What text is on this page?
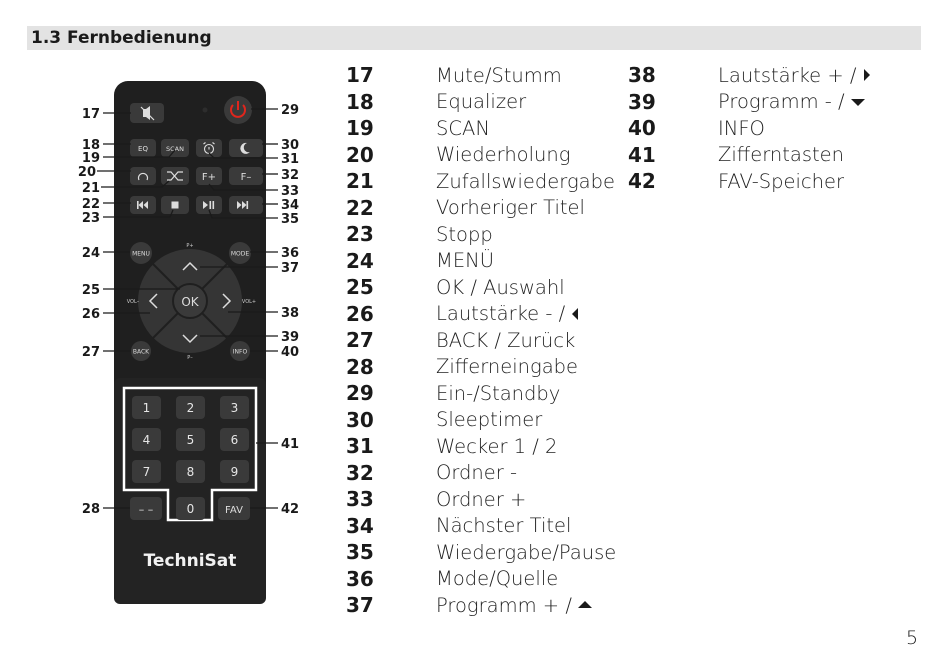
1.3 Fernbedienung
EQ	SCAN
F+ F–
MENU	MODE
OK
P+
P–
VOL–	VOL+
BACK	INFO
1	2	3
4	5	6
7	8	9
0
– –	FAV
TechniSat
17
18
19
20
21
22
23
24
25
26
27
28
29
30
31
32
33
34
35
36
37
38
39
40
41
42
17	Mute/Stumm
18	Equalizer
19	SCAN
20	Wiederholung
21	Zufallswiedergabe
22	Vorheriger Titel
23	Stopp
24	MENÜ
25	OK / Auswahl
26	Lautstärke - /
27	BACK / Zurück
28	Zifferneingabe
29	Ein-/Standby
30	Sleeptimer
31	Wecker 1 / 2
32	Ordner -
33	Ordner +
34	Nächster Titel
35	Wiedergabe/Pause
36	Mode/Quelle
37	Programm + /
38	Lautstärke + /
39	Programm - /
40	INFO
41	Zifferntasten
42	FAV-Speicher
5
